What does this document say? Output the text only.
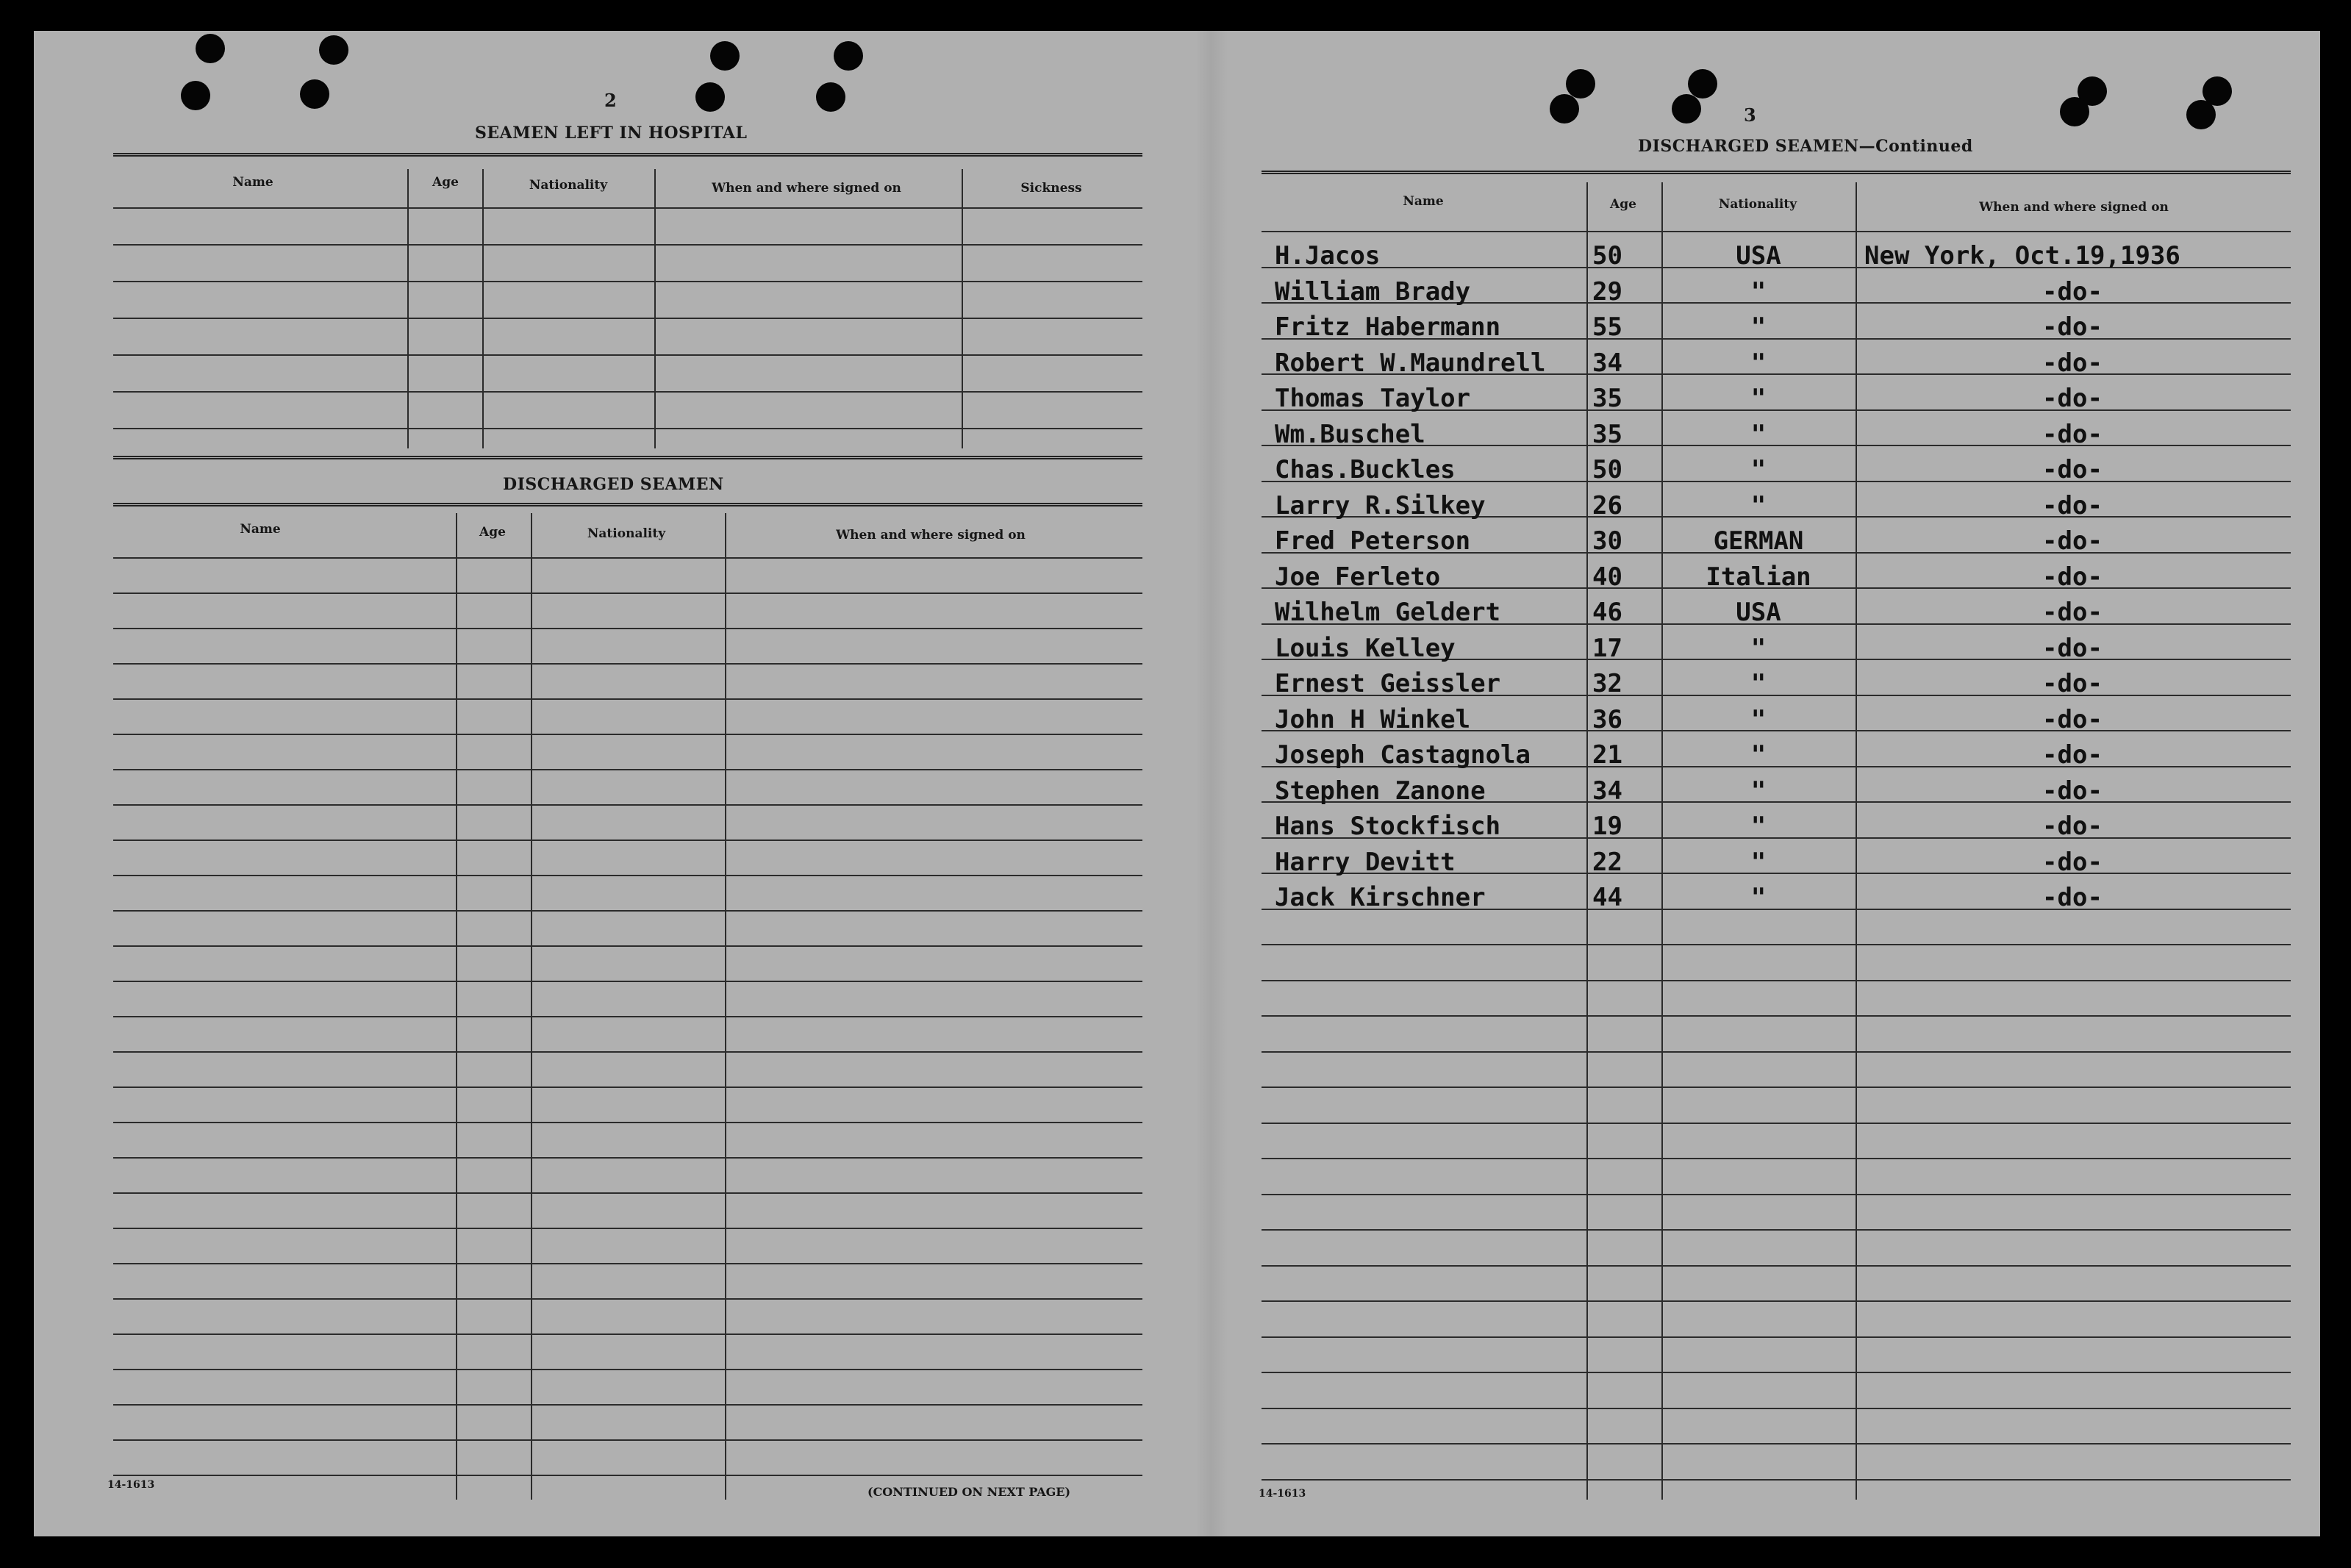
2
SEAMEN LEFT IN HOSPITAL
Name	Age	Nationality	When and where signed on	Sickness
DISCHARGED SEAMEN
Name	Age	Nationality	When and where signed on
14-1613	(CONTINUED ON NEXT PAGE)
3
DISCHARGED SEAMEN—Continued
Name	Age	Nationality	When and where signed on
H.Jacos	50	USA	New York, Oct.19,1936
William Brady	29	"	-do-
Fritz Habermann	55	"	-do-
Robert W.Maundrell 34	"	-do-
Thomas Taylor	35	"	-do-
Wm.Buschel	35	"	-do-
Chas.Buckles	50	"	-do-
Larry R.Silkey	26	"	-do-
Fred Peterson	30	GERMAN	-do-
Joe Ferleto	40	Italian	-do-
Wilhelm Geldert	46	USA	-do-
Louis Kelley	17	"	-do-
Ernest Geissler	32	"	-do-
John H Winkel	36	"	-do-
Joseph Castagnola 21	"	-do-
Stephen Zanone	34	"	-do-
Hans Stockfisch	19	"	-do-
Harry Devitt	22	"	-do-
Jack Kirschner	44	"	-do-
14-1613
